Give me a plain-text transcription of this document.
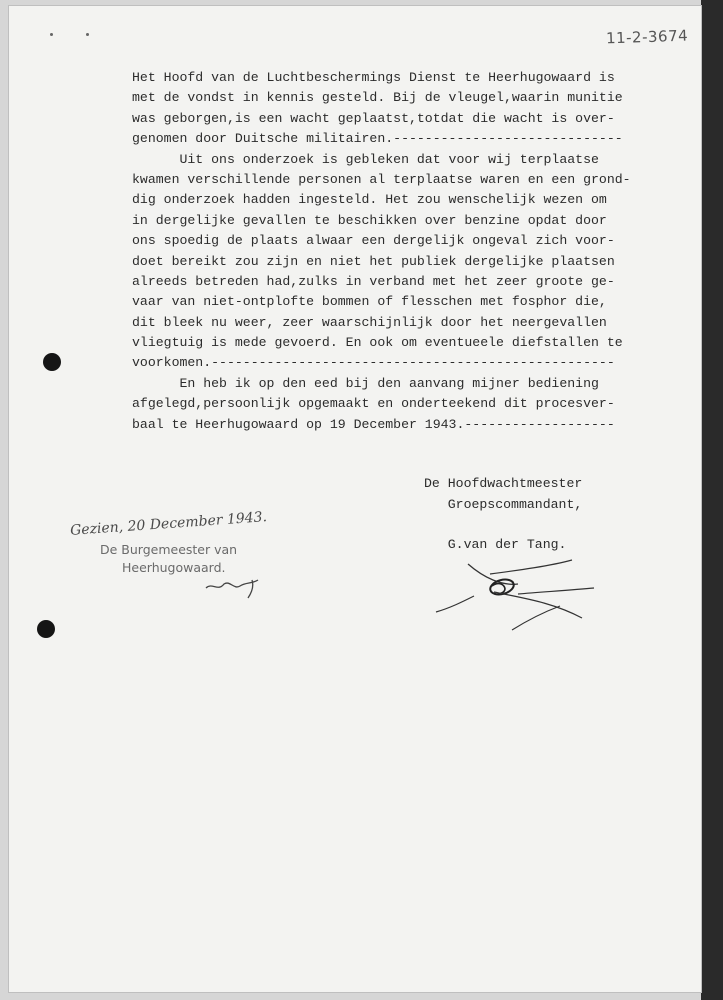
11-2-3674
Het Hoofd van de Luchtbeschermings Dienst te Heerhugowaard is
met de vondst in kennis gesteld. Bij de vleugel,waarin munitie
was geborgen,is een wacht geplaatst,totdat die wacht is over-
genomen door Duitsche militairen.-----------------------------
Uit ons onderzoek is gebleken dat voor wij terplaatse
kwamen verschillende personen al terplaatse waren en een grond-
dig onderzoek hadden ingesteld. Het zou wenschelijk wezen om
in dergelijke gevallen te beschikken over benzine opdat door
ons spoedig de plaats alwaar een dergelijk ongeval zich voor-
doet bereikt zou zijn en niet het publiek dergelijke plaatsen
alreeds betreden had,zulks in verband met het zeer groote ge-
vaar van niet-ontplofte bommen of flesschen met fosphor die,
dit bleek nu weer, zeer waarschijnlijk door het neergevallen
vliegtuig is mede gevoerd. En ook om eventueele diefstallen te
voorkomen.---------------------------------------------------
En heb ik op den eed bij den aanvang mijner bediening
afgelegd,persoonlijk opgemaakt en onderteekend dit procesver-
baal te Heerhugowaard op 19 December 1943.-------------------
De Hoofdwachtmeester
Groepscommandant,
G.van der Tang.
Gezien, 20 December 1943.
De Burgemeester van
Heerhugowaard.
